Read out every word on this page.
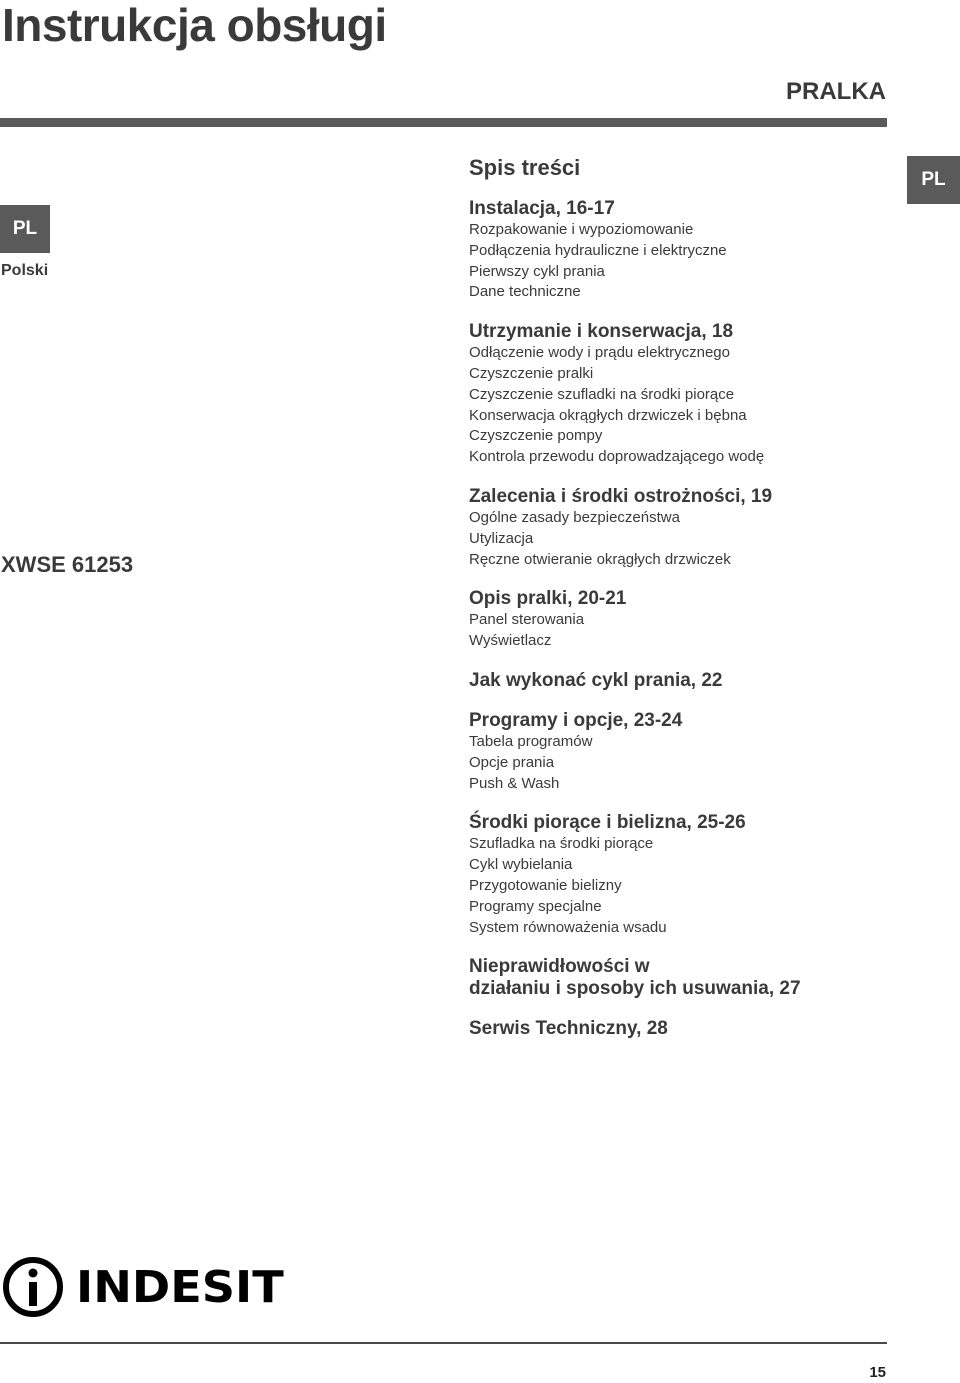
Instrukcja obsługi
PRALKA
PL
PL
Polski
XWSE 61253
Spis treści
Instalacja, 16-17
Rozpakowanie i wypoziomowanie
Podłączenia hydrauliczne i elektryczne
Pierwszy cykl prania
Dane techniczne
Utrzymanie i konserwacja, 18
Odłączenie wody i prądu elektrycznego
Czyszczenie pralki
Czyszczenie szufladki na środki piorące
Konserwacja okrągłych drzwiczek i bębna
Czyszczenie pompy
Kontrola przewodu doprowadzającego wodę
Zalecenia i środki ostrożności, 19
Ogólne zasady bezpieczeństwa
Utylizacja
Ręczne otwieranie okrągłych drzwiczek
Opis pralki, 20-21
Panel sterowania
Wyświetlacz
Jak wykonać cykl prania, 22
Programy i opcje, 23-24
Tabela programów
Opcje prania
Push & Wash
Środki piorące i bielizna, 25-26
Szufladka na środki piorące
Cykl wybielania
Przygotowanie bielizny
Programy specjalne
System równoważenia wsadu
Nieprawidłowości w
działaniu i sposoby ich usuwania, 27
Serwis Techniczny, 28
INDESIT
15
